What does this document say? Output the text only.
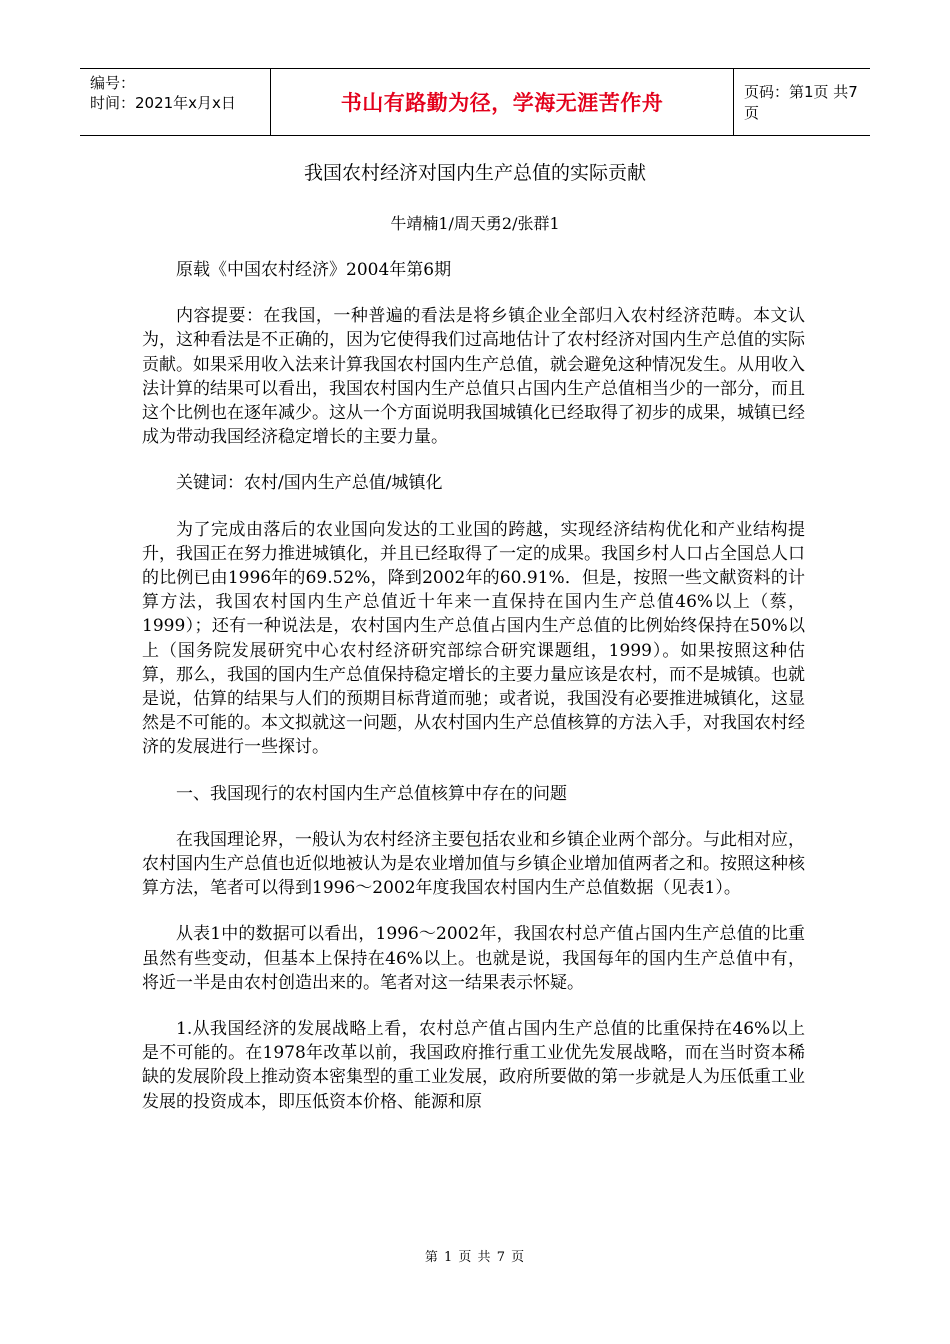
编号：
时间：2021年x月x日	书山有路勤为径，学海无涯苦作舟	页码：第1页 共7页
我国农村经济对国内生产总值的实际贡献
牛靖楠1/周天勇2/张群1

原载《中国农村经济》2004年第6期

内容提要：在我国，一种普遍的看法是将乡镇企业全部归入农村经济范畴。本文认为，这种看法是不正确的，因为它使得我们过高地估计了农村经济对国内生产总值的实际贡献。如果采用收入法来计算我国农村国内生产总值，就会避免这种情况发生。从用收入法计算的结果可以看出，我国农村国内生产总值只占国内生产总值相当少的一部分，而且这个比例也在逐年减少。这从一个方面说明我国城镇化已经取得了初步的成果，城镇已经成为带动我国经济稳定增长的主要力量。

关键词：农村/国内生产总值/城镇化

为了完成由落后的农业国向发达的工业国的跨越，实现经济结构优化和产业结构提升，我国正在努力推进城镇化，并且已经取得了一定的成果。我国乡村人口占全国总人口的比例已由1996年的69.52%，降到2002年的60.91%．但是，按照一些文献资料的计算方法，我国农村国内生产总值近十年来一直保持在国内生产总值46%以上（蔡，1999）；还有一种说法是，农村国内生产总值占国内生产总值的比例始终保持在50%以上（国务院发展研究中心农村经济研究部综合研究课题组，1999）。如果按照这种估算，那么，我国的国内生产总值保持稳定增长的主要力量应该是农村，而不是城镇。也就是说，估算的结果与人们的预期目标背道而驰；或者说，我国没有必要推进城镇化，这显然是不可能的。本文拟就这一问题，从农村国内生产总值核算的方法入手，对我国农村经济的发展进行一些探讨。

一、我国现行的农村国内生产总值核算中存在的问题

在我国理论界，一般认为农村经济主要包括农业和乡镇企业两个部分。与此相对应，农村国内生产总值也近似地被认为是农业增加值与乡镇企业增加值两者之和。按照这种核算方法，笔者可以得到1996～2002年度我国农村国内生产总值数据（见表1）。

从表1中的数据可以看出，1996～2002年，我国农村总产值占国内生产总值的比重虽然有些变动，但基本上保持在46%以上。也就是说，我国每年的国内生产总值中有，将近一半是由农村创造出来的。笔者对这一结果表示怀疑。

1.从我国经济的发展战略上看，农村总产值占国内生产总值的比重保持在46%以上是不可能的。在1978年改革以前，我国政府推行重工业优先发展战略，而在当时资本稀缺的发展阶段上推动资本密集型的重工业发展，政府所要做的第一步就是人为压低重工业发展的投资成本，即压低资本价格、能源和原

第 1 页 共 7 页
